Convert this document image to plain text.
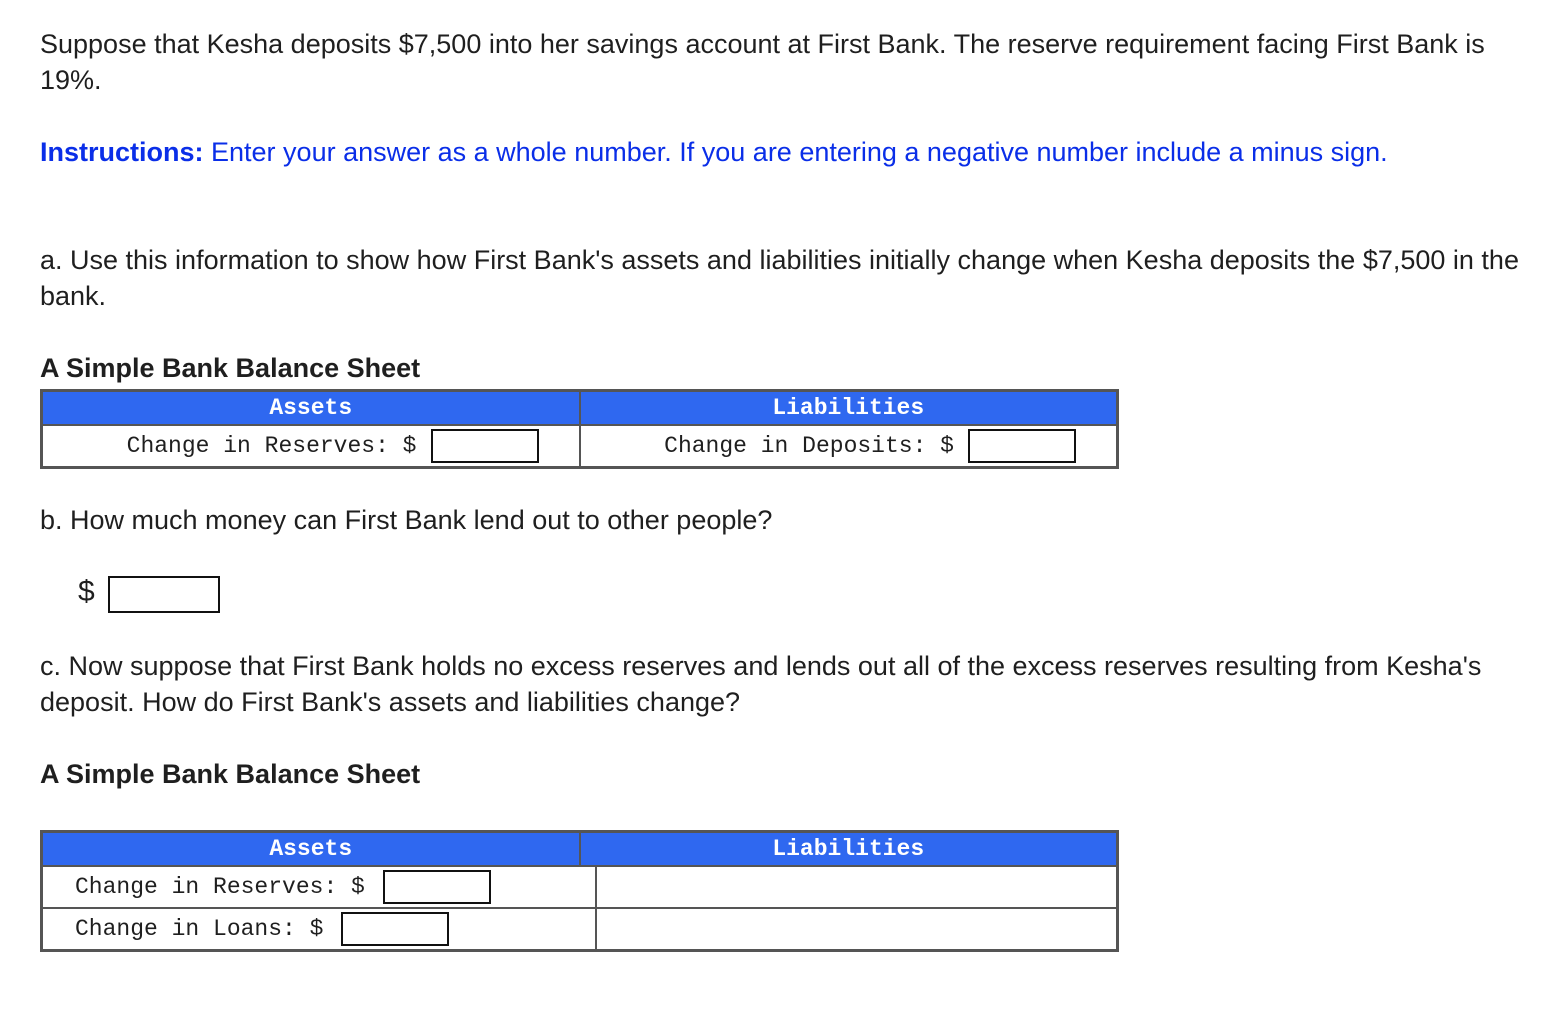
Suppose that Kesha deposits $7,500 into her savings account at First Bank. The reserve requirement facing First Bank is 19%.

Instructions: Enter your answer as a whole number. If you are entering a negative number include a minus sign.

a. Use this information to show how First Bank's assets and liabilities initially change when Kesha deposits the $7,500 in the bank.

A Simple Bank Balance Sheet
Assets	Liabilities
Change in Reserves: $	Change in Deposits: $

b. How much money can First Bank lend out to other people?

$

c. Now suppose that First Bank holds no excess reserves and lends out all of the excess reserves resulting from Kesha's deposit. How do First Bank's assets and liabilities change?

A Simple Bank Balance Sheet
Assets	Liabilities
Change in Reserves: $
Change in Loans: $
